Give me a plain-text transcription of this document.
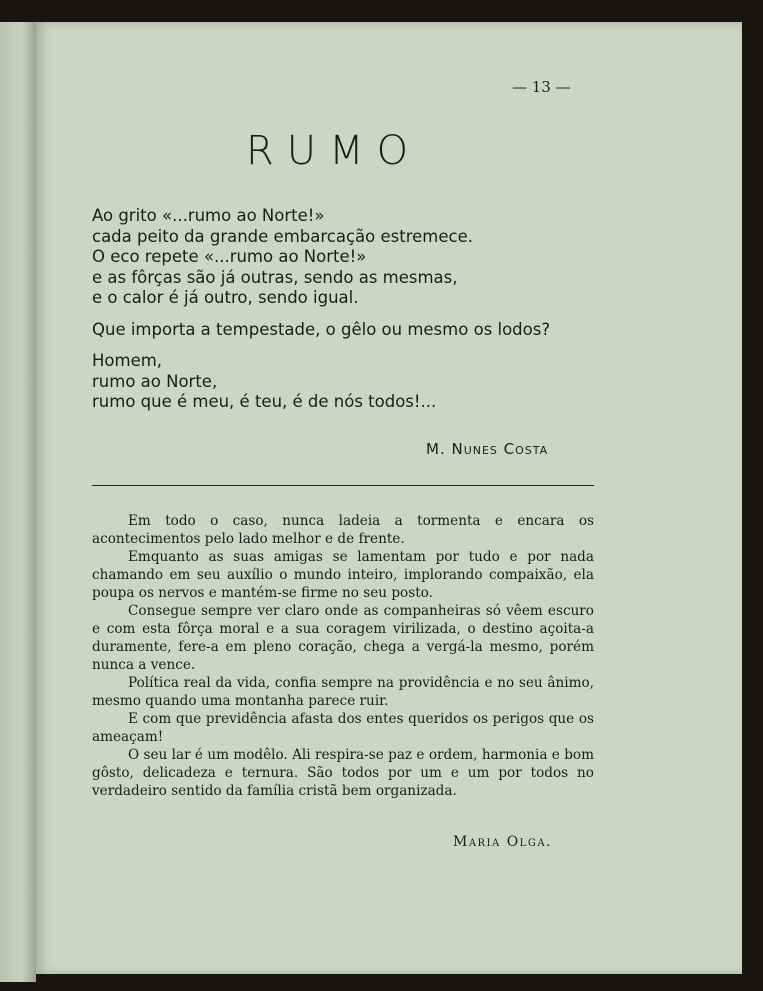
— 13 —
RUMO

Ao grito «...rumo ao Norte!»
cada peito da grande embarcação estremece.
O eco repete «...rumo ao Norte!»
e as fôrças são já outras, sendo as mesmas,
e o calor é já outro, sendo igual.

Que importa a tempestade, o gêlo ou mesmo os lodos?

Homem,
rumo ao Norte,
rumo que é meu, é teu, é de nós todos!...

M. Nunes Costa

Em todo o caso, nunca ladeia a tormenta e encara os acontecimentos pelo lado melhor e de frente.

Emquanto as suas amigas se lamentam por tudo e por nada chamando em seu auxílio o mundo inteiro, implorando compaixão, ela poupa os nervos e mantém-se firme no seu posto.

Consegue sempre ver claro onde as companheiras só vêem escuro e com esta fôrça moral e a sua coragem virilizada, o destino açoita-a duramente, fere-a em pleno coração, chega a vergá-la mesmo, porém nunca a vence.

Política real da vida, confia sempre na providência e no seu ânimo, mesmo quando uma montanha parece ruir.

E com que previdência afasta dos entes queridos os perigos que os ameaçam!

O seu lar é um modêlo. Ali respira-se paz e ordem, harmonia e bom gôsto, delicadeza e ternura. São todos por um e um por todos no verdadeiro sentido da família cristã bem organizada.

Maria Olga.
